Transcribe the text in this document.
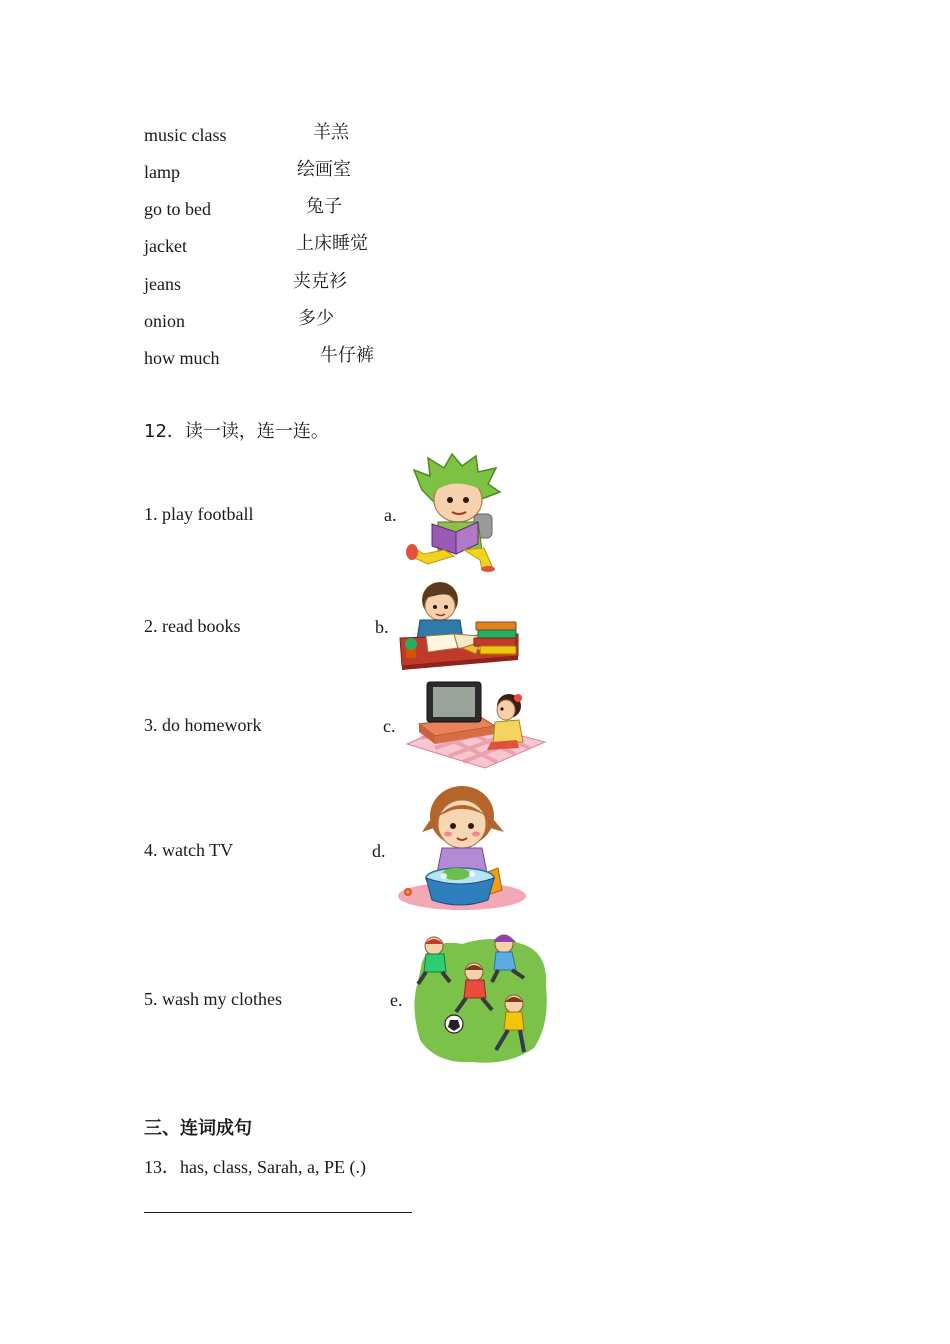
music class	羊羔
lamp	绘画室
go to bed	兔子
jacket	上床睡觉
jeans	夹克衫
onion	多少
how much	牛仔裤
12．读一读，连一连。
1. play football	a.
2. read books	b.
3. do homework	c.
4. watch TV	d.
5. wash my clothes	e.
三、连词成句
13．has, class, Sarah, a, PE (.)
